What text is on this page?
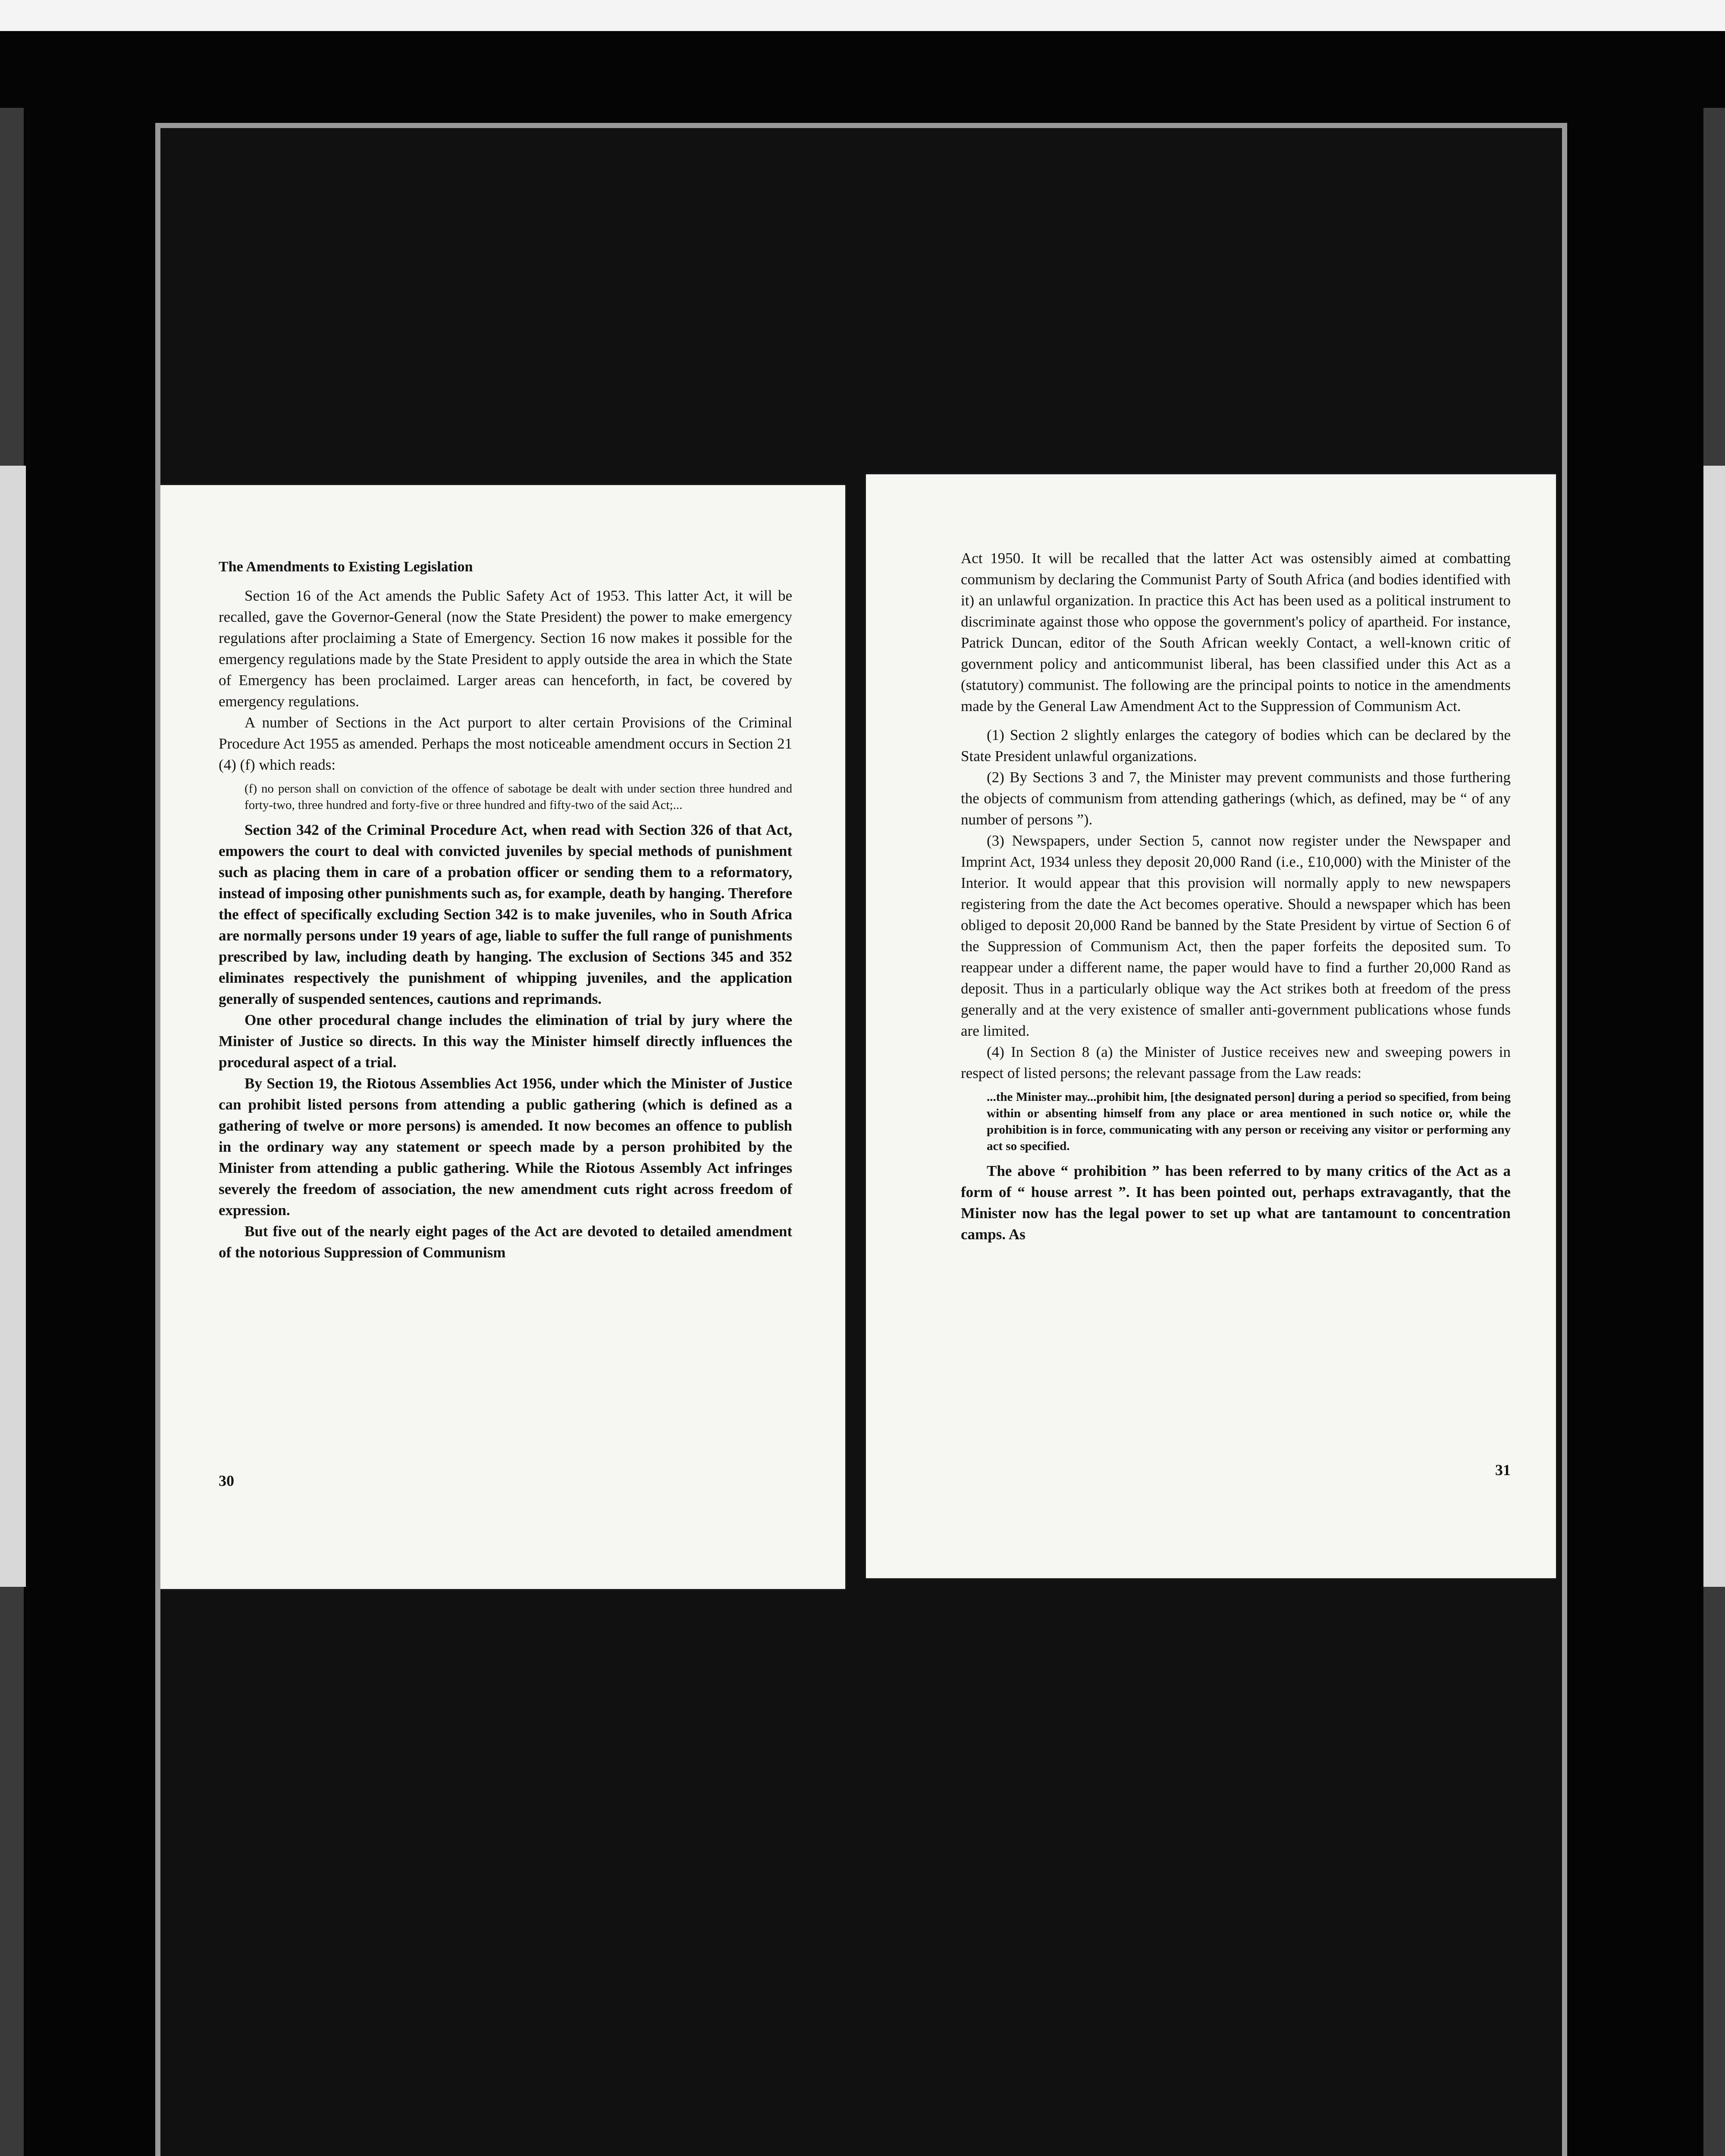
The Amendments to Existing Legislation

Section 16 of the Act amends the Public Safety Act of 1953. This latter Act, it will be recalled, gave the Governor-General (now the State President) the power to make emergency regulations after proclaiming a State of Emergency. Section 16 now makes it possible for the emergency regulations made by the State President to apply outside the area in which the State of Emergency has been proclaimed. Larger areas can henceforth, in fact, be covered by emergency regulations.

A number of Sections in the Act purport to alter certain Provisions of the Criminal Procedure Act 1955 as amended. Perhaps the most noticeable amendment occurs in Section 21 (4) (f) which reads:

(f) no person shall on conviction of the offence of sabotage be dealt with under section three hundred and forty-two, three hundred and forty-five or three hundred and fifty-two of the said Act;...

Section 342 of the Criminal Procedure Act, when read with Section 326 of that Act, empowers the court to deal with convicted juveniles by special methods of punishment such as placing them in care of a probation officer or sending them to a reformatory, instead of imposing other punishments such as, for example, death by hanging. Therefore the effect of specifically excluding Section 342 is to make juveniles, who in South Africa are normally persons under 19 years of age, liable to suffer the full range of punishments prescribed by law, including death by hanging. The exclusion of Sections 345 and 352 eliminates respectively the punishment of whipping juveniles, and the application generally of suspended sentences, cautions and reprimands.

One other procedural change includes the elimination of trial by jury where the Minister of Justice so directs. In this way the Minister himself directly influences the procedural aspect of a trial.

By Section 19, the Riotous Assemblies Act 1956, under which the Minister of Justice can prohibit listed persons from attending a public gathering (which is defined as a gathering of twelve or more persons) is amended. It now becomes an offence to publish in the ordinary way any statement or speech made by a person prohibited by the Minister from attending a public gathering. While the Riotous Assembly Act infringes severely the freedom of association, the new amendment cuts right across freedom of expression.

But five out of the nearly eight pages of the Act are devoted to detailed amendment of the notorious Suppression of Communism

30

Act 1950. It will be recalled that the latter Act was ostensibly aimed at combatting communism by declaring the Communist Party of South Africa (and bodies identified with it) an unlawful organization. In practice this Act has been used as a political instrument to discriminate against those who oppose the government's policy of apartheid. For instance, Patrick Duncan, editor of the South African weekly Contact, a well-known critic of government policy and anticommunist liberal, has been classified under this Act as a (statutory) communist. The following are the principal points to notice in the amendments made by the General Law Amendment Act to the Suppression of Communism Act.

(1) Section 2 slightly enlarges the category of bodies which can be declared by the State President unlawful organizations.

(2) By Sections 3 and 7, the Minister may prevent communists and those furthering the objects of communism from attending gatherings (which, as defined, may be “ of any number of persons ”).

(3) Newspapers, under Section 5, cannot now register under the Newspaper and Imprint Act, 1934 unless they deposit 20,000 Rand (i.e., £10,000) with the Minister of the Interior. It would appear that this provision will normally apply to new newspapers registering from the date the Act becomes operative. Should a newspaper which has been obliged to deposit 20,000 Rand be banned by the State President by virtue of Section 6 of the Suppression of Communism Act, then the paper forfeits the deposited sum. To reappear under a different name, the paper would have to find a further 20,000 Rand as deposit. Thus in a particularly oblique way the Act strikes both at freedom of the press generally and at the very existence of smaller anti-government publications whose funds are limited.

(4) In Section 8 (a) the Minister of Justice receives new and sweeping powers in respect of listed persons; the relevant passage from the Law reads:

...the Minister may...prohibit him, [the designated person] during a period so specified, from being within or absenting himself from any place or area mentioned in such notice or, while the prohibition is in force, communicating with any person or receiving any visitor or performing any act so specified.

The above “ prohibition ” has been referred to by many critics of the Act as a form of “ house arrest ”. It has been pointed out, perhaps extravagantly, that the Minister now has the legal power to set up what are tantamount to concentration camps. As

31
